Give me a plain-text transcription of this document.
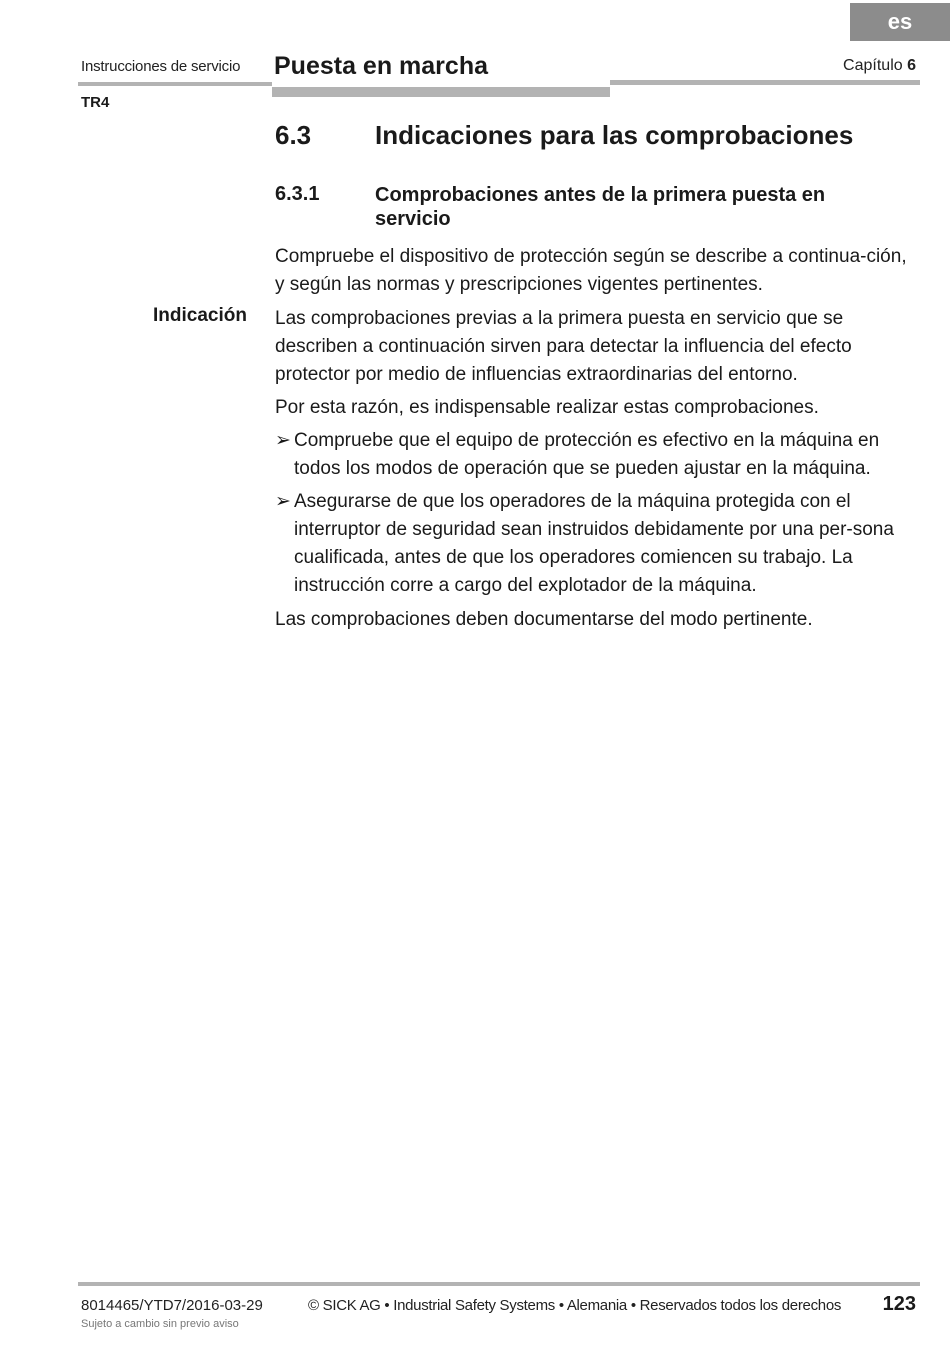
es
Instrucciones de servicio Puesta en marcha	Capítulo 6
TR4
6.3 Indicaciones para las comprobaciones
6.3.1	Comprobaciones antes de la primera puesta en servicio
Compruebe el dispositivo de protección según se describe a continua-ción, y según las normas y prescripciones vigentes pertinentes.
Indicación Las comprobaciones previas a la primera puesta en servicio que se describen a continuación sirven para detectar la influencia del efecto protector por medio de influencias extraordinarias del entorno.
Por esta razón, es indispensable realizar estas comprobaciones.
➢ Compruebe que el equipo de protección es efectivo en la máquina en todos los modos de operación que se pueden ajustar en la máquina.
➢ Asegurarse de que los operadores de la máquina protegida con el interruptor de seguridad sean instruidos debidamente por una per-sona cualificada, antes de que los operadores comiencen su trabajo. La instrucción corre a cargo del explotador de la máquina.
Las comprobaciones deben documentarse del modo pertinente.
8014465/YTD7/2016-03-29	© SICK AG • Industrial Safety Systems • Alemania • Reservados todos los derechos 123
Sujeto a cambio sin previo aviso
